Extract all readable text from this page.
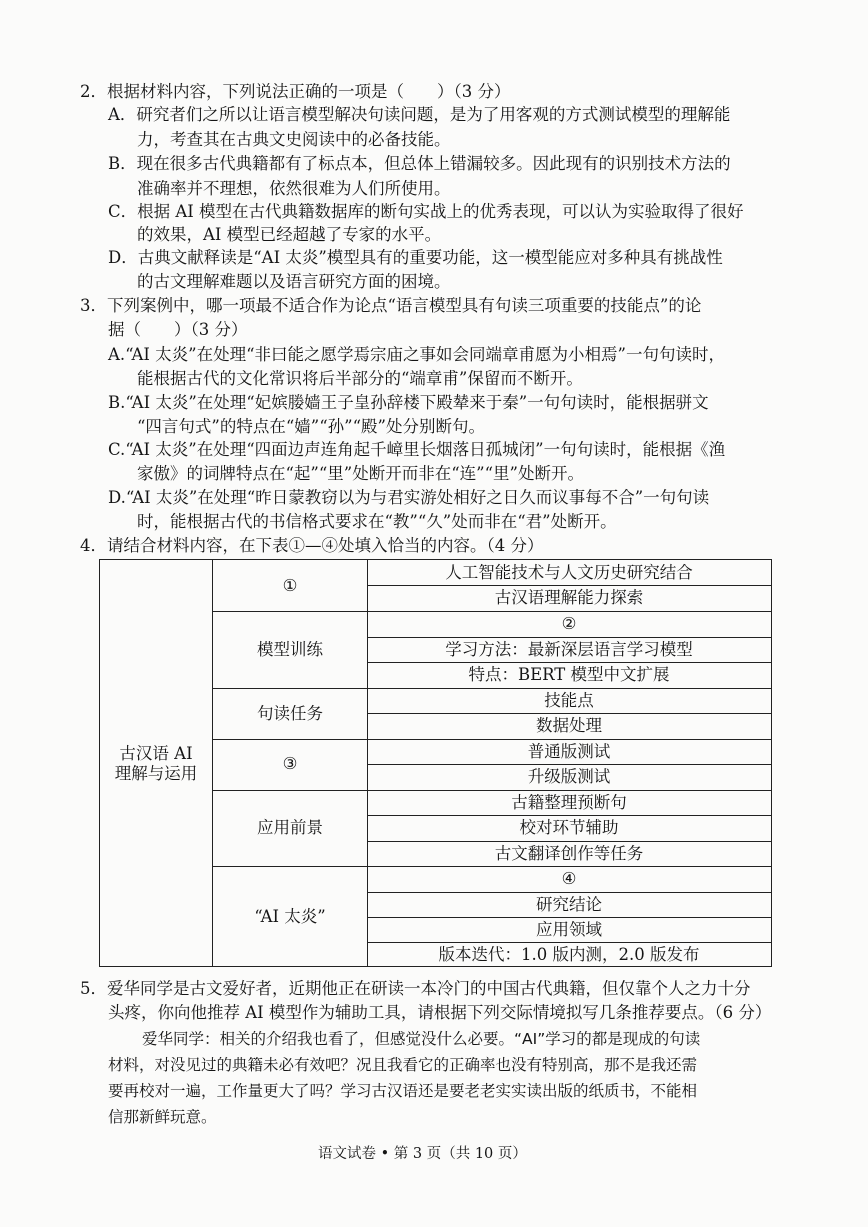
2．根据材料内容，下列说法正确的一项是（　　）（3 分）
A．研究者们之所以让语言模型解决句读问题，是为了用客观的方式测试模型的理解能
力，考查其在古典文史阅读中的必备技能。
B．现在很多古代典籍都有了标点本，但总体上错漏较多。因此现有的识别技术方法的
准确率并不理想，依然很难为人们所使用。
C．根据 AI 模型在古代典籍数据库的断句实战上的优秀表现，可以认为实验取得了很好
的效果，AI 模型已经超越了专家的水平。
D．古典文献释读是“AI 太炎”模型具有的重要功能，这一模型能应对多种具有挑战性
的古文理解难题以及语言研究方面的困境。
3．下列案例中，哪一项最不适合作为论点“语言模型具有句读三项重要的技能点”的论
据（　　）（3 分）
A.“AI 太炎”在处理“非曰能之愿学焉宗庙之事如会同端章甫愿为小相焉”一句句读时，
能根据古代的文化常识将后半部分的“端章甫”保留而不断开。
B.“AI 太炎”在处理“妃嫔媵嫱王子皇孙辞楼下殿辇来于秦”一句句读时，能根据骈文
“四言句式”的特点在“嫱”“孙”“殿”处分别断句。
C.“AI 太炎”在处理“四面边声连角起千嶂里长烟落日孤城闭”一句句读时，能根据《渔
家傲》的词牌特点在“起”“里”处断开而非在“连”“里”处断开。
D.“AI 太炎”在处理“昨日蒙教窃以为与君实游处相好之日久而议事每不合”一句句读
时，能根据古代的书信格式要求在“教”“久”处而非在“君”处断开。
4．请结合材料内容，在下表①—④处填入恰当的内容。（4 分）
古汉语 AI
理解与运用
①
模型训练
句读任务
③
应用前景
“AI 太炎”
人工智能技术与人文历史研究结合
古汉语理解能力探索
②
学习方法：最新深层语言学习模型
特点：BERT 模型中文扩展
技能点
数据处理
普通版测试
升级版测试
古籍整理预断句
校对环节辅助
古文翻译创作等任务
④
研究结论
应用领域
版本迭代：1.0 版内测，2.0 版发布
5．爱华同学是古文爱好者，近期他正在研读一本冷门的中国古代典籍，但仅靠个人之力十分
头疼，你向他推荐 AI 模型作为辅助工具，请根据下列交际情境拟写几条推荐要点。（6 分）
爱华同学：相关的介绍我也看了，但感觉没什么必要。“AI”学习的都是现成的句读
材料，对没见过的典籍未必有效吧？况且我看它的正确率也没有特别高，那不是我还需
要再校对一遍，工作量更大了吗？学习古汉语还是要老老实实读出版的纸质书，不能相
信那新鲜玩意。
语文试卷 • 第 3 页（共 10 页）
